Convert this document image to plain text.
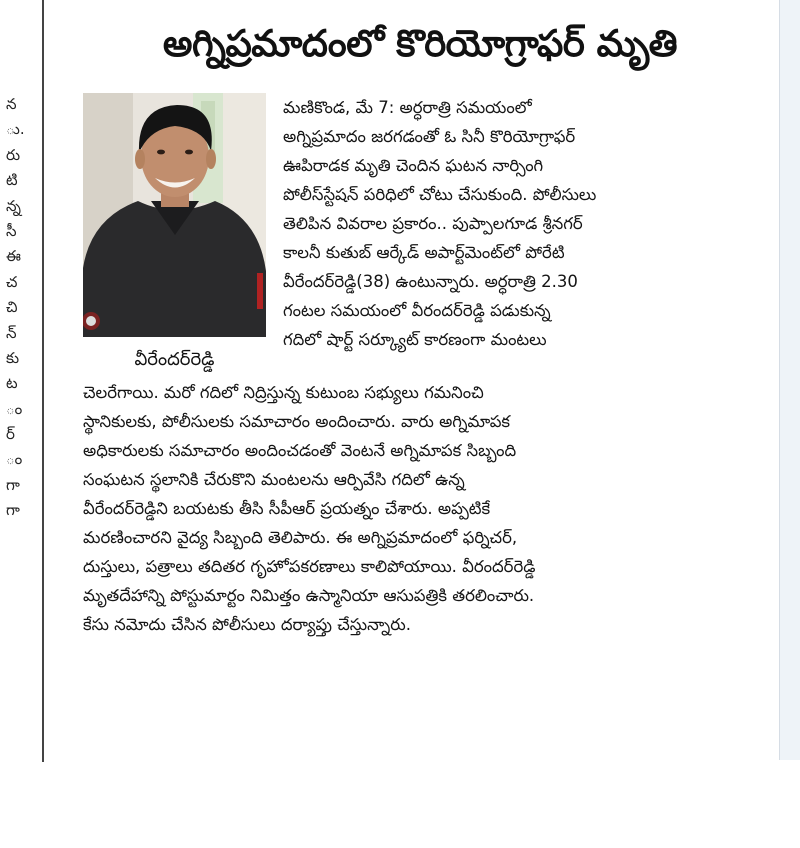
న
ు.
రు
టి
న్న
సీ
ఈ
చ
చి
న్
కు
ట
ం
ర్
ం
గా
గా
అగ్నిప్రమాదంలో కొరియోగ్రాఫర్ మృతి
వీరేందర్‌రెడ్డి
మణికొండ, మే 7: అర్ధరాత్రి సమయంలో
అగ్నిప్రమాదం జరగడంతో ఓ సినీ కొరియోగ్రాఫర్
ఊపిరాడక మృతి చెందిన ఘటన నార్సింగి
పోలీస్‌స్టేషన్ పరిధిలో చోటు చేసుకుంది. పోలీసులు
తెలిపిన వివరాల ప్రకారం.. పుప్పాలగూడ శ్రీనగర్
కాలనీ కుతుబ్ ఆర్కేడ్ అపార్ట్‌మెంట్‌లో పోరేటి
వీరేందర్‌రెడ్డి(38) ఉంటున్నారు. అర్ధరాత్రి 2.30
గంటల సమయంలో వీరందర్‌రెడ్డి పడుకున్న
గదిలో షార్ట్ సర్క్యూట్ కారణంగా మంటలు
చెలరేగాయి. మరో గదిలో నిద్రిస్తున్న కుటుంబ సభ్యులు గమనించి
స్థానికులకు, పోలీసులకు సమాచారం అందించారు. వారు అగ్నిమాపక
అధికారులకు సమాచారం అందించడంతో వెంటనే అగ్నిమాపక సిబ్బంది
సంఘటన స్థలానికి చేరుకొని మంటలను ఆర్పివేసి గదిలో ఉన్న
వీరేందర్‌రెడ్డిని బయటకు తీసి సీపీఆర్ ప్రయత్నం చేశారు. అప్పటికే
మరణించారని వైద్య సిబ్బంది తెలిపారు. ఈ అగ్నిప్రమాదంలో ఫర్నిచర్,
దుస్తులు, పత్రాలు తదితర గృహోపకరణాలు కాలిపోయాయి. వీరందర్‌రెడ్డి
మృతదేహాన్ని పోస్టుమార్టం నిమిత్తం ఉస్మానియా ఆసుపత్రికి తరలించారు.
కేసు నమోదు చేసిన పోలీసులు దర్యాప్తు చేస్తున్నారు.
